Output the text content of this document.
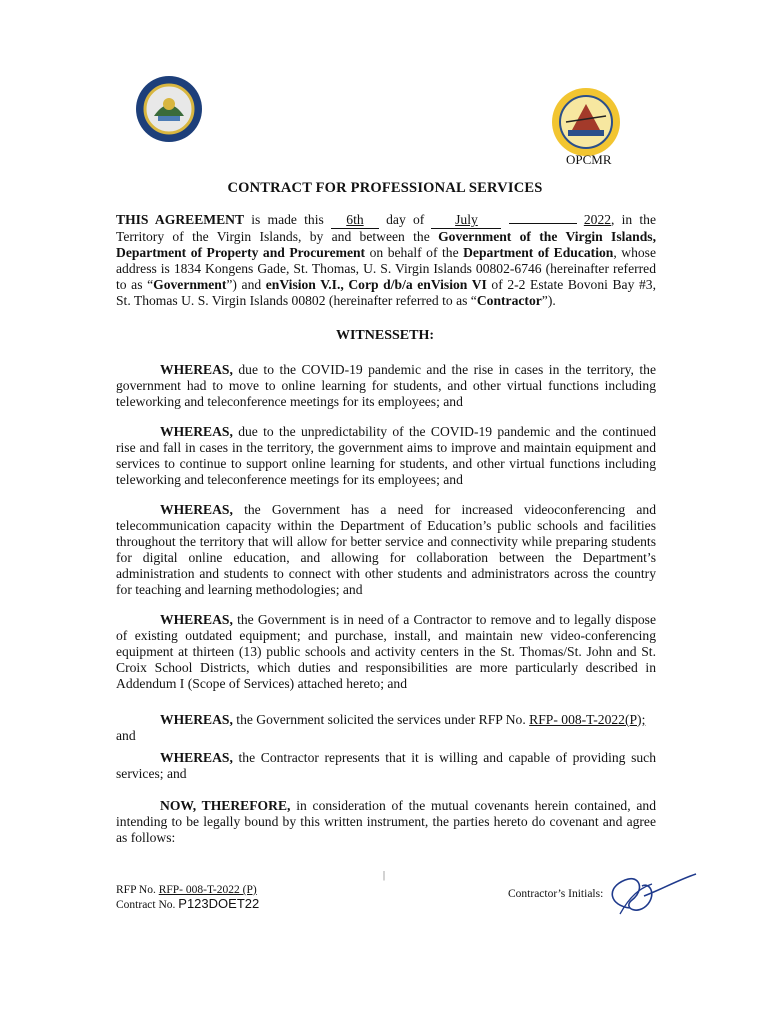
OPCMR
CONTRACT FOR PROFESSIONAL SERVICES
THIS AGREEMENT is made this 6th day of July	2022, in the Territory of the Virgin Islands, by and between the Government of the Virgin Islands, Department of Property and Procurement on behalf of the Department of Education, whose address is 1834 Kongens Gade, St. Thomas, U. S. Virgin Islands 00802-6746 (hereinafter referred to as “Government”) and enVision V.I., Corp d/b/a enVision VI of 2-2 Estate Bovoni Bay #3, St. Thomas U. S. Virgin Islands 00802 (hereinafter referred to as “Contractor”).
WITNESSETH:
WHEREAS, due to the COVID-19 pandemic and the rise in cases in the territory, the government had to move to online learning for students, and other virtual functions including teleworking and teleconference meetings for its employees; and
WHEREAS, due to the unpredictability of the COVID-19 pandemic and the continued rise and fall in cases in the territory, the government aims to improve and maintain equipment and services to continue to support online learning for students, and other virtual functions including teleworking and teleconference meetings for its employees; and
WHEREAS, the Government has a need for increased videoconferencing and telecommunication capacity within the Department of Education’s public schools and facilities throughout the territory that will allow for better service and connectivity while preparing students for digital online education, and allowing for collaboration between the Department’s administration and students to connect with other students and administrators across the country for teaching and learning methodologies; and
WHEREAS, the Government is in need of a Contractor to remove and to legally dispose of existing outdated equipment; and purchase, install, and maintain new video-conferencing equipment at thirteen (13) public schools and activity centers in the St. Thomas/St. John and St. Croix School Districts, which duties and responsibilities are more particularly described in Addendum I (Scope of Services) attached hereto; and
WHEREAS, the Government solicited the services under RFP No. RFP- 008-T-2022(P);
and
WHEREAS, the Contractor represents that it is willing and capable of providing such services; and
NOW, THEREFORE, in consideration of the mutual covenants herein contained, and intending to be legally bound by this written instrument, the parties hereto do covenant and agree as follows:
RFP No. RFP- 008-T-2022 (P)
Contract No. P123DOET22
Contractor’s Initials:
|
